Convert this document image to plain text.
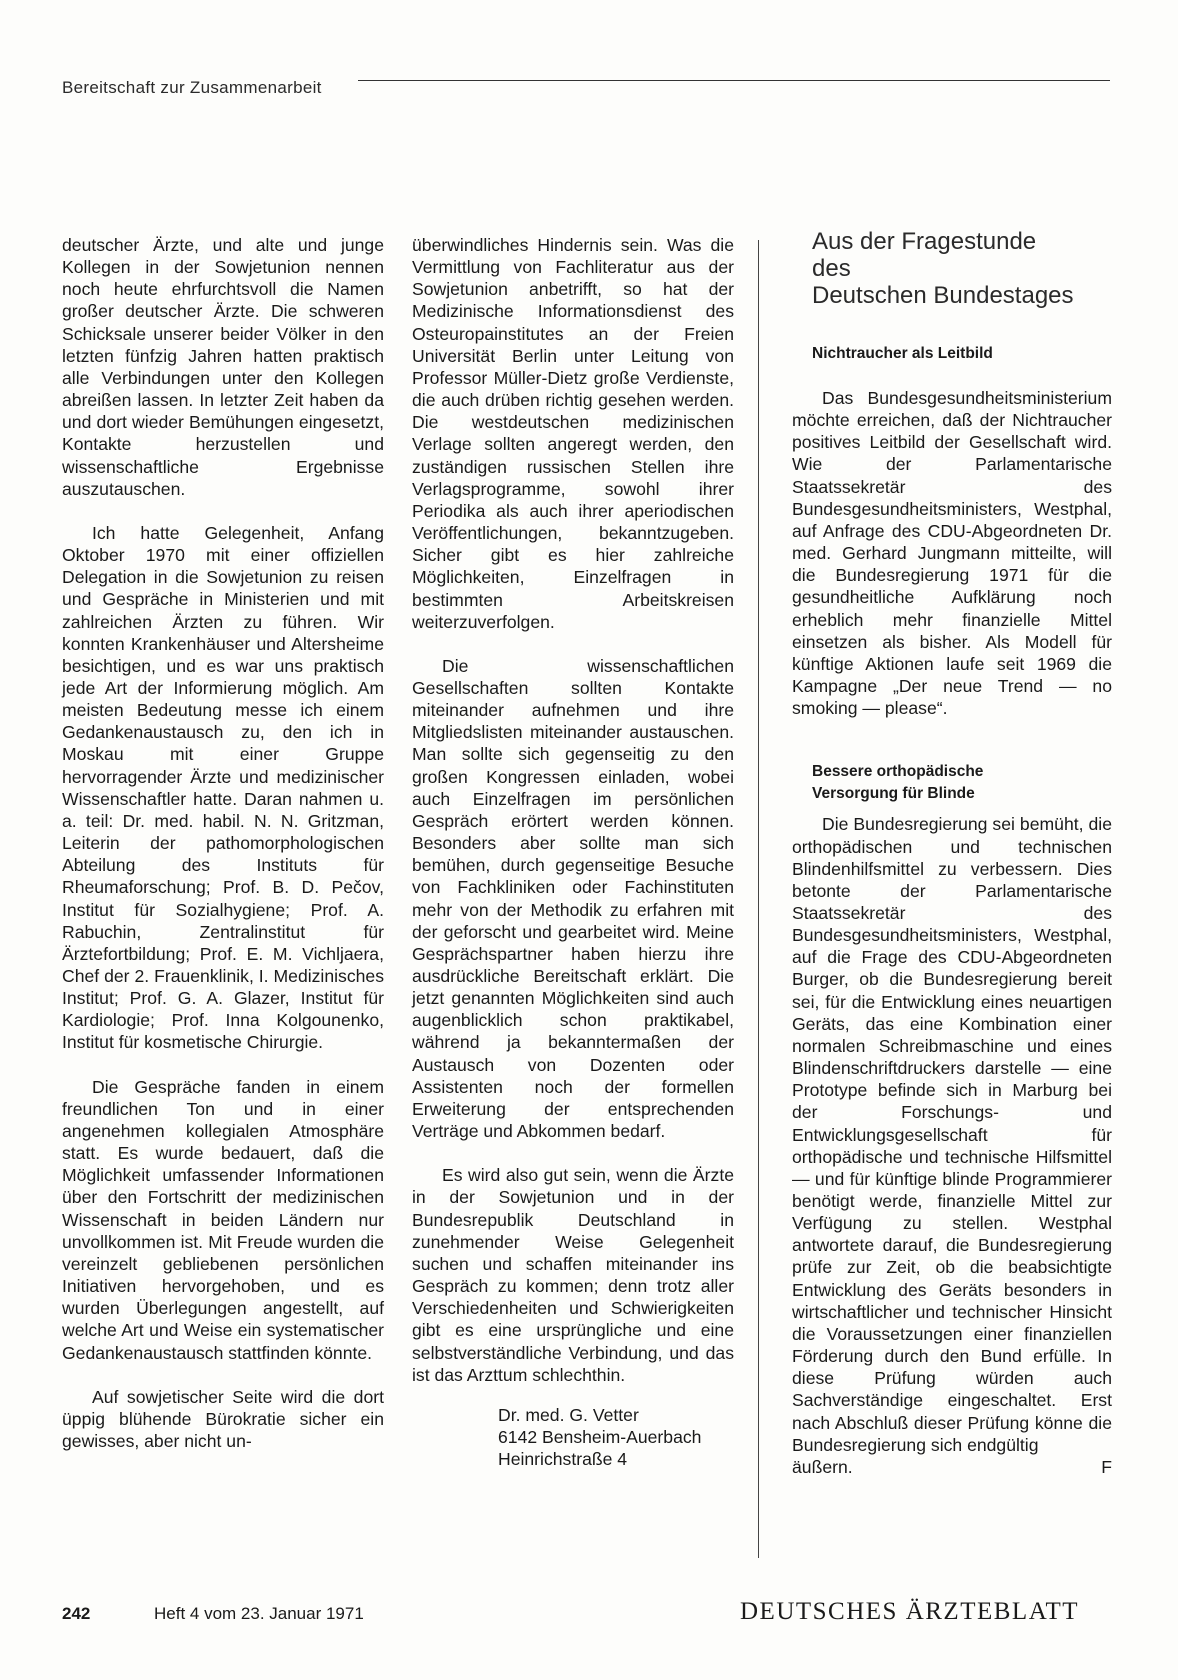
Bereitschaft zur Zusammenarbeit

deutscher Ärzte, und alte und junge Kollegen in der Sowjetunion nennen noch heute ehrfurchtsvoll die Namen großer deutscher Ärzte. Die schweren Schicksale unserer beider Völker in den letzten fünfzig Jahren hatten praktisch alle Verbindungen unter den Kollegen abreißen lassen. In letzter Zeit haben da und dort wieder Bemühungen eingesetzt, Kontakte herzustellen und wissenschaftliche Ergebnisse auszutauschen.

Ich hatte Gelegenheit, Anfang Oktober 1970 mit einer offiziellen Delegation in die Sowjetunion zu reisen und Gespräche in Ministerien und mit zahlreichen Ärzten zu führen. Wir konnten Krankenhäuser und Altersheime besichtigen, und es war uns praktisch jede Art der Informierung möglich. Am meisten Bedeutung messe ich einem Gedankenaustausch zu, den ich in Moskau mit einer Gruppe hervorragender Ärzte und medizinischer Wissenschaftler hatte. Daran nahmen u. a. teil: Dr. med. habil. N. N. Gritzman, Leiterin der pathomorphologischen Abteilung des Instituts für Rheumaforschung; Prof. B. D. Pečov, Institut für Sozialhygiene; Prof. A. Rabuchin, Zentralinstitut für Ärztefortbildung; Prof. E. M. Vichljaera, Chef der 2. Frauenklinik, I. Medizinisches Institut; Prof. G. A. Glazer, Institut für Kardiologie; Prof. Inna Kolgounenko, Institut für kosmetische Chirurgie.

Die Gespräche fanden in einem freundlichen Ton und in einer angenehmen kollegialen Atmosphäre statt. Es wurde bedauert, daß die Möglichkeit umfassender Informationen über den Fortschritt der medizinischen Wissenschaft in beiden Ländern nur unvollkommen ist. Mit Freude wurden die vereinzelt gebliebenen persönlichen Initiativen hervorgehoben, und es wurden Überlegungen angestellt, auf welche Art und Weise ein systematischer Gedankenaustausch stattfinden könnte.

Auf sowjetischer Seite wird die dort üppig blühende Bürokratie sicher ein gewisses, aber nicht un-

überwindliches Hindernis sein. Was die Vermittlung von Fachliteratur aus der Sowjetunion anbetrifft, so hat der Medizinische Informationsdienst des Osteuropainstitutes an der Freien Universität Berlin unter Leitung von Professor Müller-Dietz große Verdienste, die auch drüben richtig gesehen werden. Die westdeutschen medizinischen Verlage sollten angeregt werden, den zuständigen russischen Stellen ihre Verlagsprogramme, sowohl ihrer Periodika als auch ihrer aperiodischen Veröffentlichungen, bekanntzugeben. Sicher gibt es hier zahlreiche Möglichkeiten, Einzelfragen in bestimmten Arbeitskreisen weiterzuverfolgen.

Die wissenschaftlichen Gesellschaften sollten Kontakte miteinander aufnehmen und ihre Mitgliedslisten miteinander austauschen. Man sollte sich gegenseitig zu den großen Kongressen einladen, wobei auch Einzelfragen im persönlichen Gespräch erörtert werden können. Besonders aber sollte man sich bemühen, durch gegenseitige Besuche von Fachkliniken oder Fachinstituten mehr von der Methodik zu erfahren mit der geforscht und gearbeitet wird. Meine Gesprächspartner haben hierzu ihre ausdrückliche Bereitschaft erklärt. Die jetzt genannten Möglichkeiten sind auch augenblicklich schon praktikabel, während ja bekanntermaßen der Austausch von Dozenten oder Assistenten noch der formellen Erweiterung der entsprechenden Verträge und Abkommen bedarf.

Es wird also gut sein, wenn die Ärzte in der Sowjetunion und in der Bundesrepublik Deutschland in zunehmender Weise Gelegenheit suchen und schaffen miteinander ins Gespräch zu kommen; denn trotz aller Verschiedenheiten und Schwierigkeiten gibt es eine ursprüngliche und eine selbstverständliche Verbindung, und das ist das Arzttum schlechthin.

Dr. med. G. Vetter
6142 Bensheim-Auerbach
Heinrichstraße 4

Aus der Fragestunde
des
Deutschen Bundestages

Nichtraucher als Leitbild

Das Bundesgesundheitsministerium möchte erreichen, daß der Nichtraucher positives Leitbild der Gesellschaft wird. Wie der Parlamentarische Staatssekretär des Bundesgesundheitsministers, Westphal, auf Anfrage des CDU-Abgeordneten Dr. med. Gerhard Jungmann mitteilte, will die Bundesregierung 1971 für die gesundheitliche Aufklärung noch erheblich mehr finanzielle Mittel einsetzen als bisher. Als Modell für künftige Aktionen laufe seit 1969 die Kampagne „Der neue Trend — no smoking — please“.

Bessere orthopädische
Versorgung für Blinde

Die Bundesregierung sei bemüht, die orthopädischen und technischen Blindenhilfsmittel zu verbessern. Dies betonte der Parlamentarische Staatssekretär des Bundesgesundheitsministers, Westphal, auf die Frage des CDU-Abgeordneten Burger, ob die Bundesregierung bereit sei, für die Entwicklung eines neuartigen Geräts, das eine Kombination einer normalen Schreibmaschine und eines Blindenschriftdruckers darstelle — eine Prototype befinde sich in Marburg bei der Forschungs- und Entwicklungsgesellschaft für orthopädische und technische Hilfsmittel — und für künftige blinde Programmierer benötigt werde, finanzielle Mittel zur Verfügung zu stellen. Westphal antwortete darauf, die Bundesregierung prüfe zur Zeit, ob die beabsichtigte Entwicklung des Geräts besonders in wirtschaftlicher und technischer Hinsicht die Voraussetzungen einer finanziellen Förderung durch den Bund erfülle. In diese Prüfung würden auch Sachverständige eingeschaltet. Erst nach Abschluß dieser Prüfung könne die Bundesregierung sich endgültig

äußern.	F

242	Heft 4 vom 23. Januar 1971	DEUTSCHES ÄRZTEBLATT
